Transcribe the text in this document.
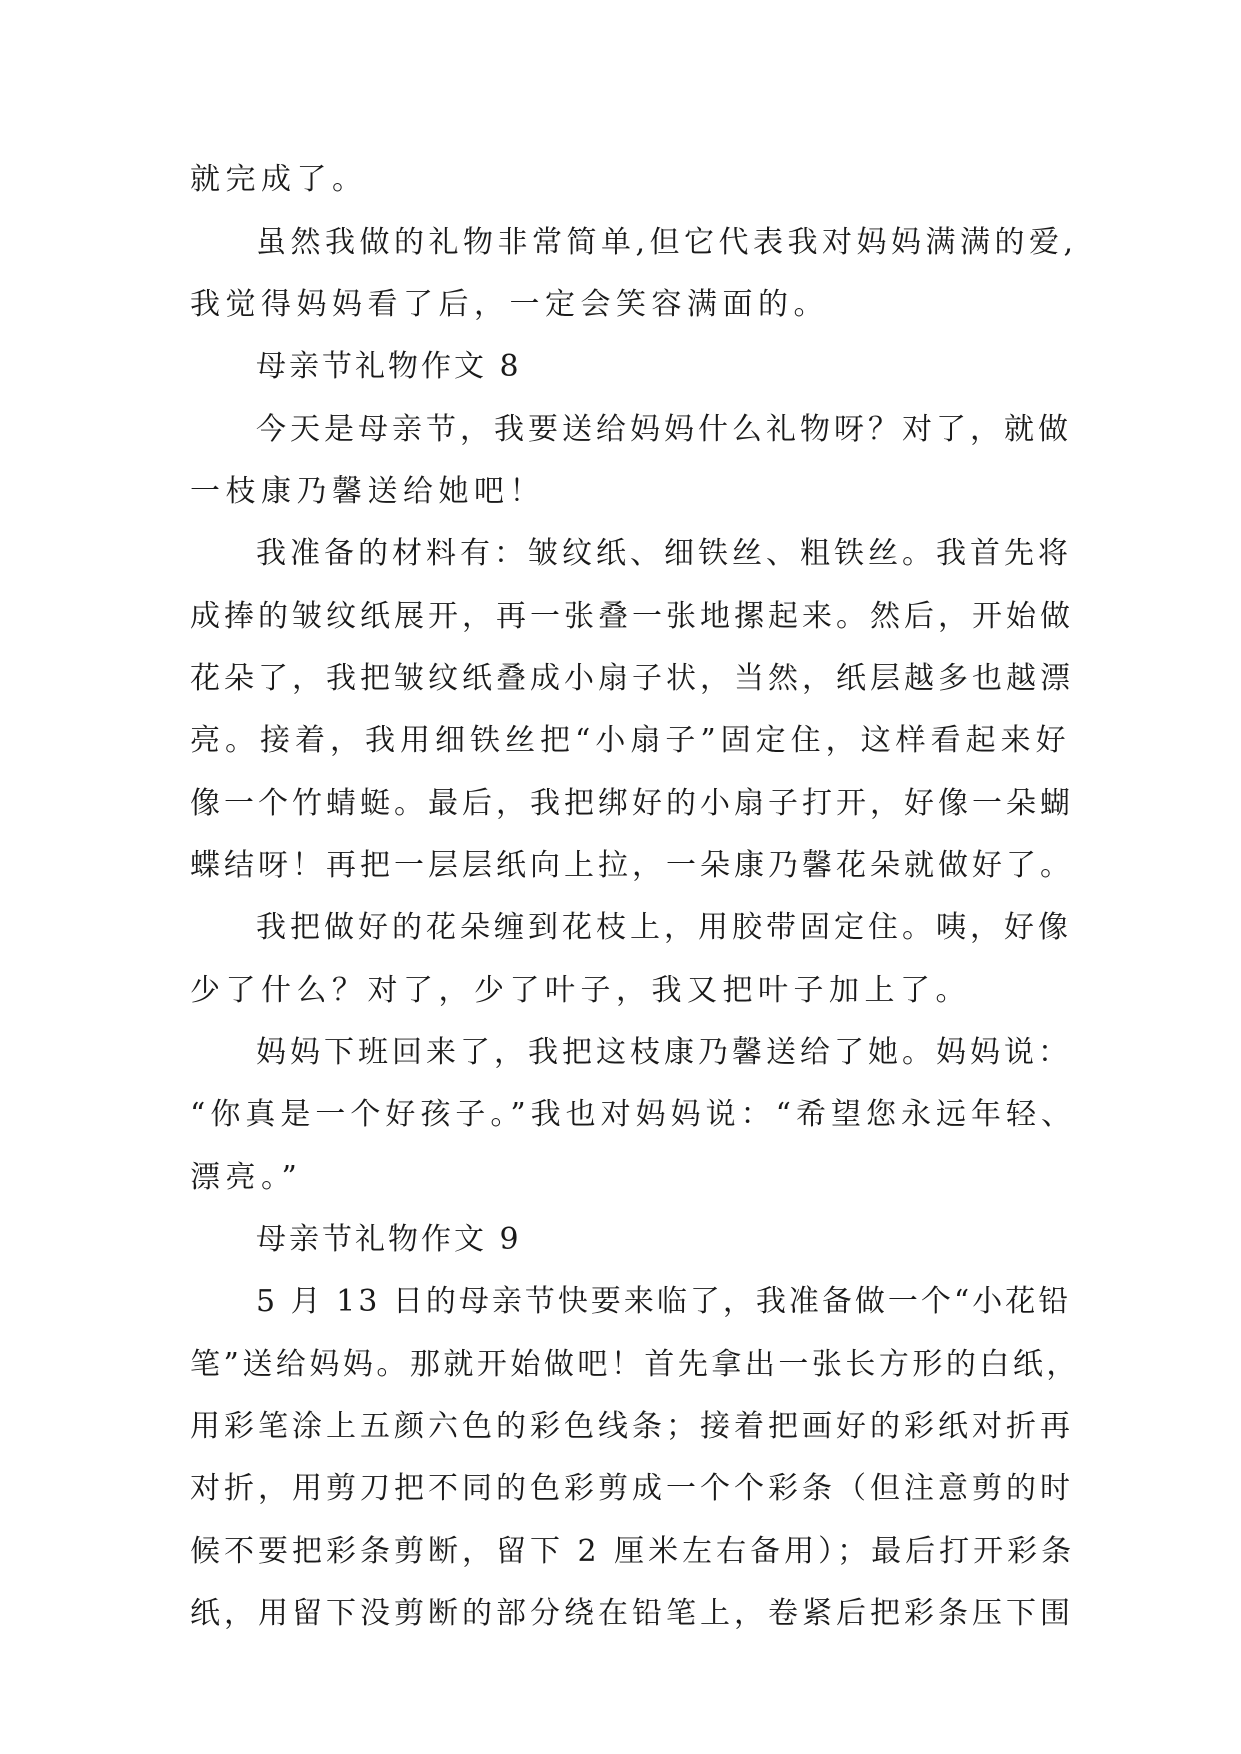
就完成了。
虽然我做的礼物非常简单,但它代表我对妈妈满满的爱,
我觉得妈妈看了后，一定会笑容满面的。
母亲节礼物作文 8
今天是母亲节，我要送给妈妈什么礼物呀？对了，就做
一枝康乃馨送给她吧！
我准备的材料有：皱纹纸、细铁丝、粗铁丝。我首先将
成捧的皱纹纸展开，再一张叠一张地摞起来。然后，开始做
花朵了，我把皱纹纸叠成小扇子状，当然，纸层越多也越漂
亮。接着，我用细铁丝把“小扇子”固定住，这样看起来好
像一个竹蜻蜓。最后，我把绑好的小扇子打开，好像一朵蝴
蝶结呀！再把一层层纸向上拉，一朵康乃馨花朵就做好了。
我把做好的花朵缠到花枝上，用胶带固定住。咦，好像
少了什么？对了，少了叶子，我又把叶子加上了。
妈妈下班回来了，我把这枝康乃馨送给了她。妈妈说：
“你真是一个好孩子。”我也对妈妈说：“希望您永远年轻、
漂亮。”
母亲节礼物作文 9
5 月 13 日的母亲节快要来临了，我准备做一个“小花铅
笔”送给妈妈。那就开始做吧！首先拿出一张长方形的白纸，
用彩笔涂上五颜六色的彩色线条；接着把画好的彩纸对折再
对折，用剪刀把不同的色彩剪成一个个彩条（但注意剪的时
候不要把彩条剪断，留下 2 厘米左右备用）；最后打开彩条
纸，用留下没剪断的部分绕在铅笔上，卷紧后把彩条压下围
